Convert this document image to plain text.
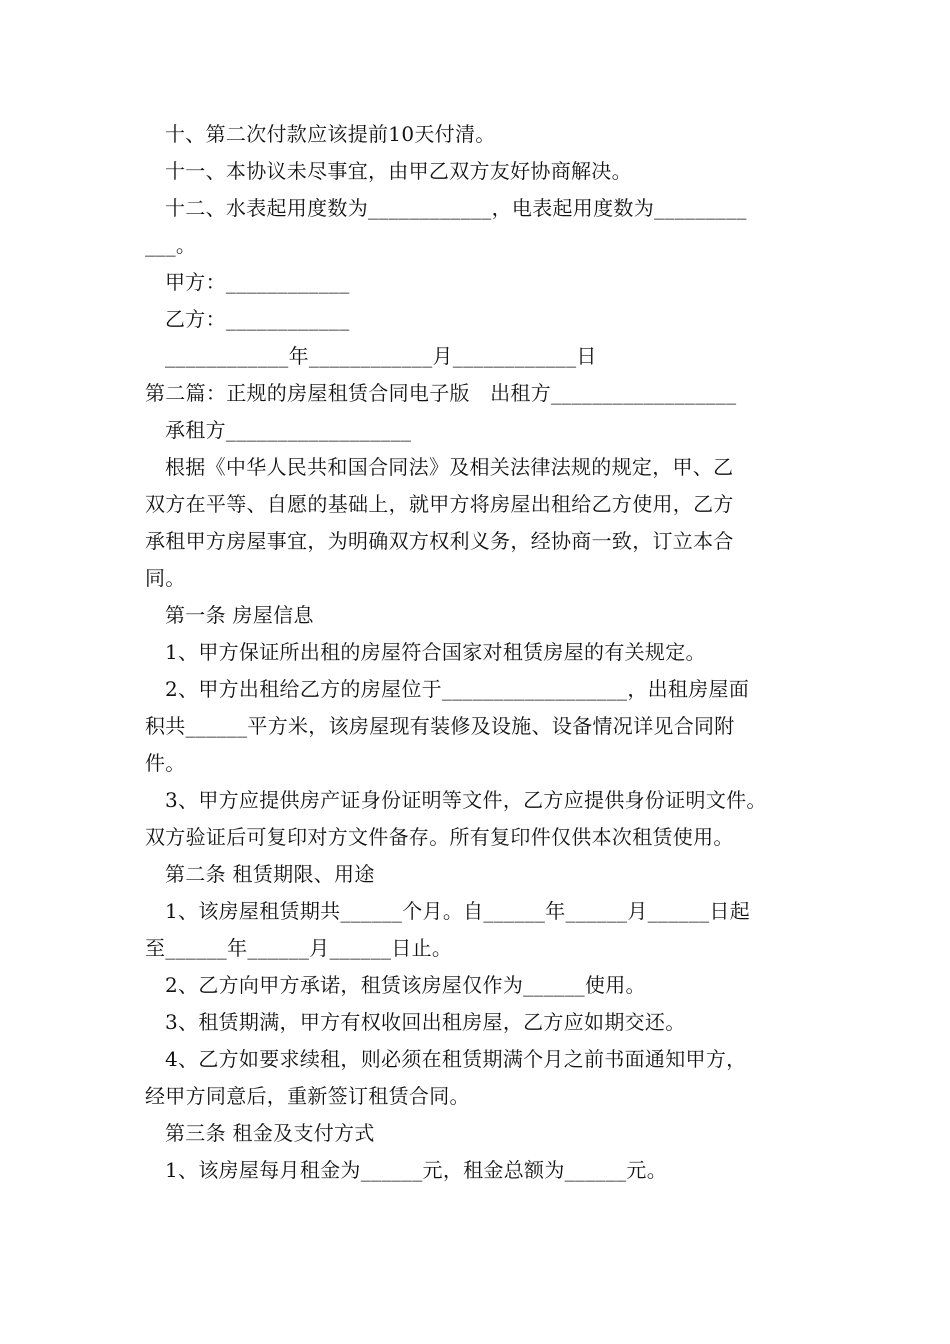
十、第二次付款应该提前10天付清。
十一、本协议未尽事宜，由甲乙双方友好协商解决。
十二、水表起用度数为____________，电表起用度数为_________
___。
甲方：____________
乙方：____________
____________年____________月____________日
第二篇：正规的房屋租赁合同电子版　出租方__________________
承租方__________________
根据《中华人民共和国合同法》及相关法律法规的规定，甲、乙
双方在平等、自愿的基础上，就甲方将房屋出租给乙方使用，乙方
承租甲方房屋事宜，为明确双方权利义务，经协商一致，订立本合
同。
第一条 房屋信息
1、甲方保证所出租的房屋符合国家对租赁房屋的有关规定。
2、甲方出租给乙方的房屋位于__________________，出租房屋面
积共______平方米，该房屋现有装修及设施、设备情况详见合同附
件。
3、甲方应提供房产证身份证明等文件，乙方应提供身份证明文件。
双方验证后可复印对方文件备存。所有复印件仅供本次租赁使用。
第二条 租赁期限、用途
1、该房屋租赁期共______个月。自______年______月______日起
至______年______月______日止。
2、乙方向甲方承诺，租赁该房屋仅作为______使用。
3、租赁期满，甲方有权收回出租房屋，乙方应如期交还。
4、乙方如要求续租，则必须在租赁期满个月之前书面通知甲方，
经甲方同意后，重新签订租赁合同。
第三条 租金及支付方式
1、该房屋每月租金为______元，租金总额为______元。
